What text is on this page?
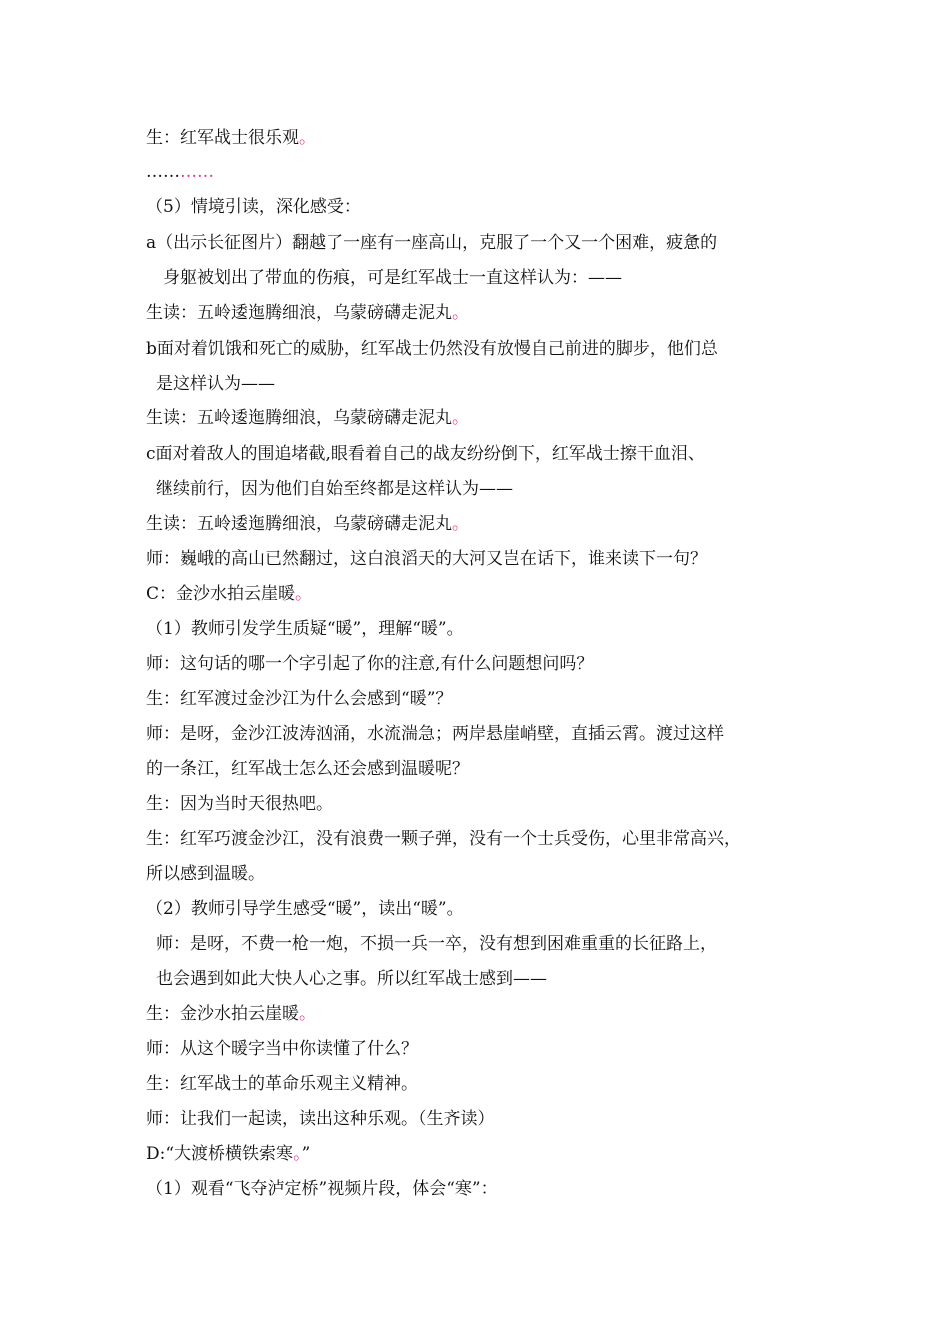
生：红军战士很乐观。
…………
（5）情境引读，深化感受：
a（出示长征图片）翻越了一座有一座高山，克服了一个又一个困难，疲惫的
身躯被划出了带血的伤痕，可是红军战士一直这样认为：——
生读：五岭逶迤腾细浪，乌蒙磅礴走泥丸。
b面对着饥饿和死亡的威胁，红军战士仍然没有放慢自己前进的脚步，他们总
是这样认为——
生读：五岭逶迤腾细浪，乌蒙磅礴走泥丸。
c面对着敌人的围追堵截,眼看着自己的战友纷纷倒下，红军战士擦干血泪、
继续前行，因为他们自始至终都是这样认为——
生读：五岭逶迤腾细浪，乌蒙磅礴走泥丸。
师：巍峨的高山已然翻过，这白浪滔天的大河又岂在话下，谁来读下一句？
C：金沙水拍云崖暖。
（1）教师引发学生质疑“暖”，理解“暖”。
师：这句话的哪一个字引起了你的注意,有什么问题想问吗？
生：红军渡过金沙江为什么会感到“暖”？
师：是呀，金沙江波涛汹涌，水流湍急；两岸悬崖峭壁，直插云霄。渡过这样
的一条江，红军战士怎么还会感到温暖呢？
生：因为当时天很热吧。
生：红军巧渡金沙江，没有浪费一颗子弹，没有一个士兵受伤，心里非常高兴，
所以感到温暖。
（2）教师引导学生感受“暖”，读出“暖”。
师：是呀，不费一枪一炮，不损一兵一卒，没有想到困难重重的长征路上，
也会遇到如此大快人心之事。所以红军战士感到——
生：金沙水拍云崖暖。
师：从这个暖字当中你读懂了什么？
生：红军战士的革命乐观主义精神。
师：让我们一起读，读出这种乐观。（生齐读）
D:“大渡桥横铁索寒。”
（1）观看“飞夺泸定桥”视频片段，体会“寒”：
